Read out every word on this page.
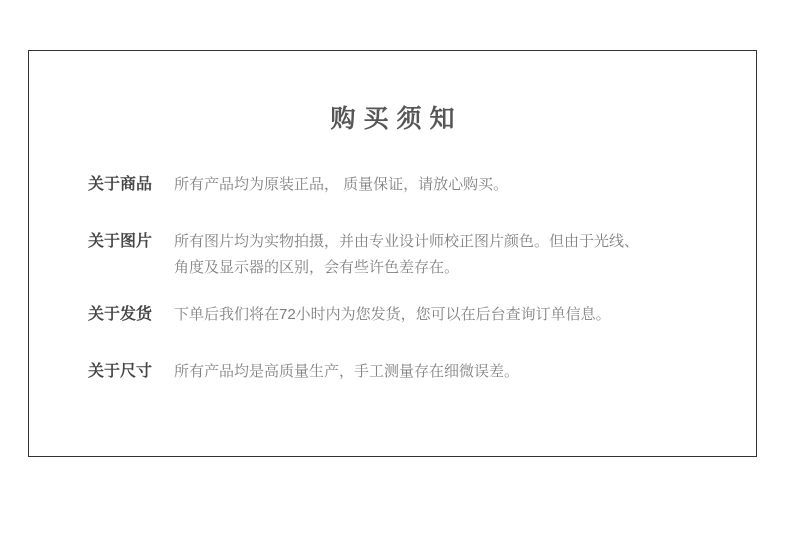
购买须知
关于商品	所有产品均为原装正品， 质量保证，请放心购买。
关于图片	所有图片均为实物拍摄，并由专业设计师校正图片颜色。但由于光线、
角度及显示器的区别，会有些许色差存在。
关于发货	下单后我们将在72小时内为您发货，您可以在后台查询订单信息。
关于尺寸	所有产品均是高质量生产，手工测量存在细微误差。
